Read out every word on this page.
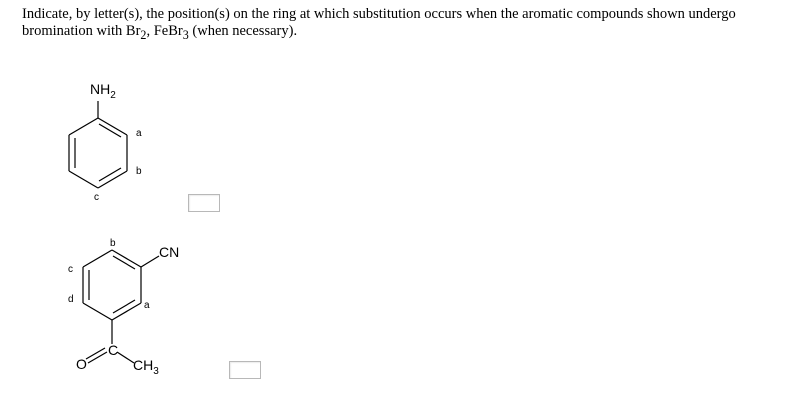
Indicate, by letter(s), the position(s) on the ring at which substitution occurs when the aromatic compounds shown undergo bromination with $Br_2$, FeBr$_3$ (when necessary).
$NH_2$
a
b
c
b
CN
c
d
a
C
O	$CH_3$
